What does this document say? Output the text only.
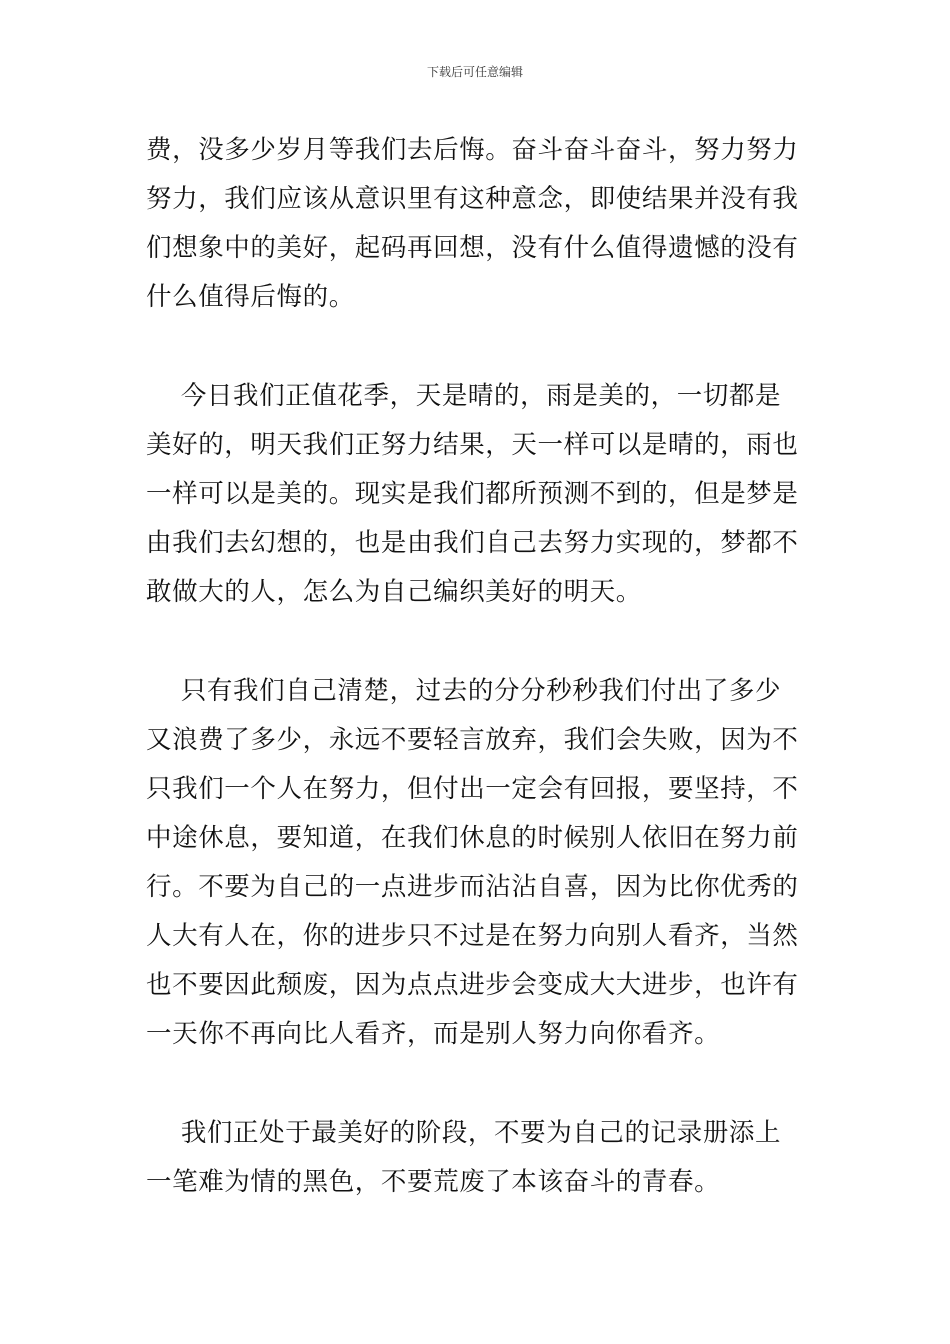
下载后可任意编辑
费，没多少岁月等我们去后悔。奋斗奋斗奋斗，努力努力
努力，我们应该从意识里有这种意念，即使结果并没有我
们想象中的美好，起码再回想，没有什么值得遗憾的没有
什么值得后悔的。
今日我们正值花季，天是晴的，雨是美的，一切都是
美好的，明天我们正努力结果，天一样可以是晴的，雨也
一样可以是美的。现实是我们都所预测不到的，但是梦是
由我们去幻想的，也是由我们自己去努力实现的，梦都不
敢做大的人，怎么为自己编织美好的明天。
只有我们自己清楚，过去的分分秒秒我们付出了多少
又浪费了多少，永远不要轻言放弃，我们会失败，因为不
只我们一个人在努力，但付出一定会有回报，要坚持，不
中途休息，要知道，在我们休息的时候别人依旧在努力前
行。不要为自己的一点进步而沾沾自喜，因为比你优秀的
人大有人在，你的进步只不过是在努力向别人看齐，当然
也不要因此颓废，因为点点进步会变成大大进步，也许有
一天你不再向比人看齐，而是别人努力向你看齐。
我们正处于最美好的阶段，不要为自己的记录册添上
一笔难为情的黑色，不要荒废了本该奋斗的青春。
